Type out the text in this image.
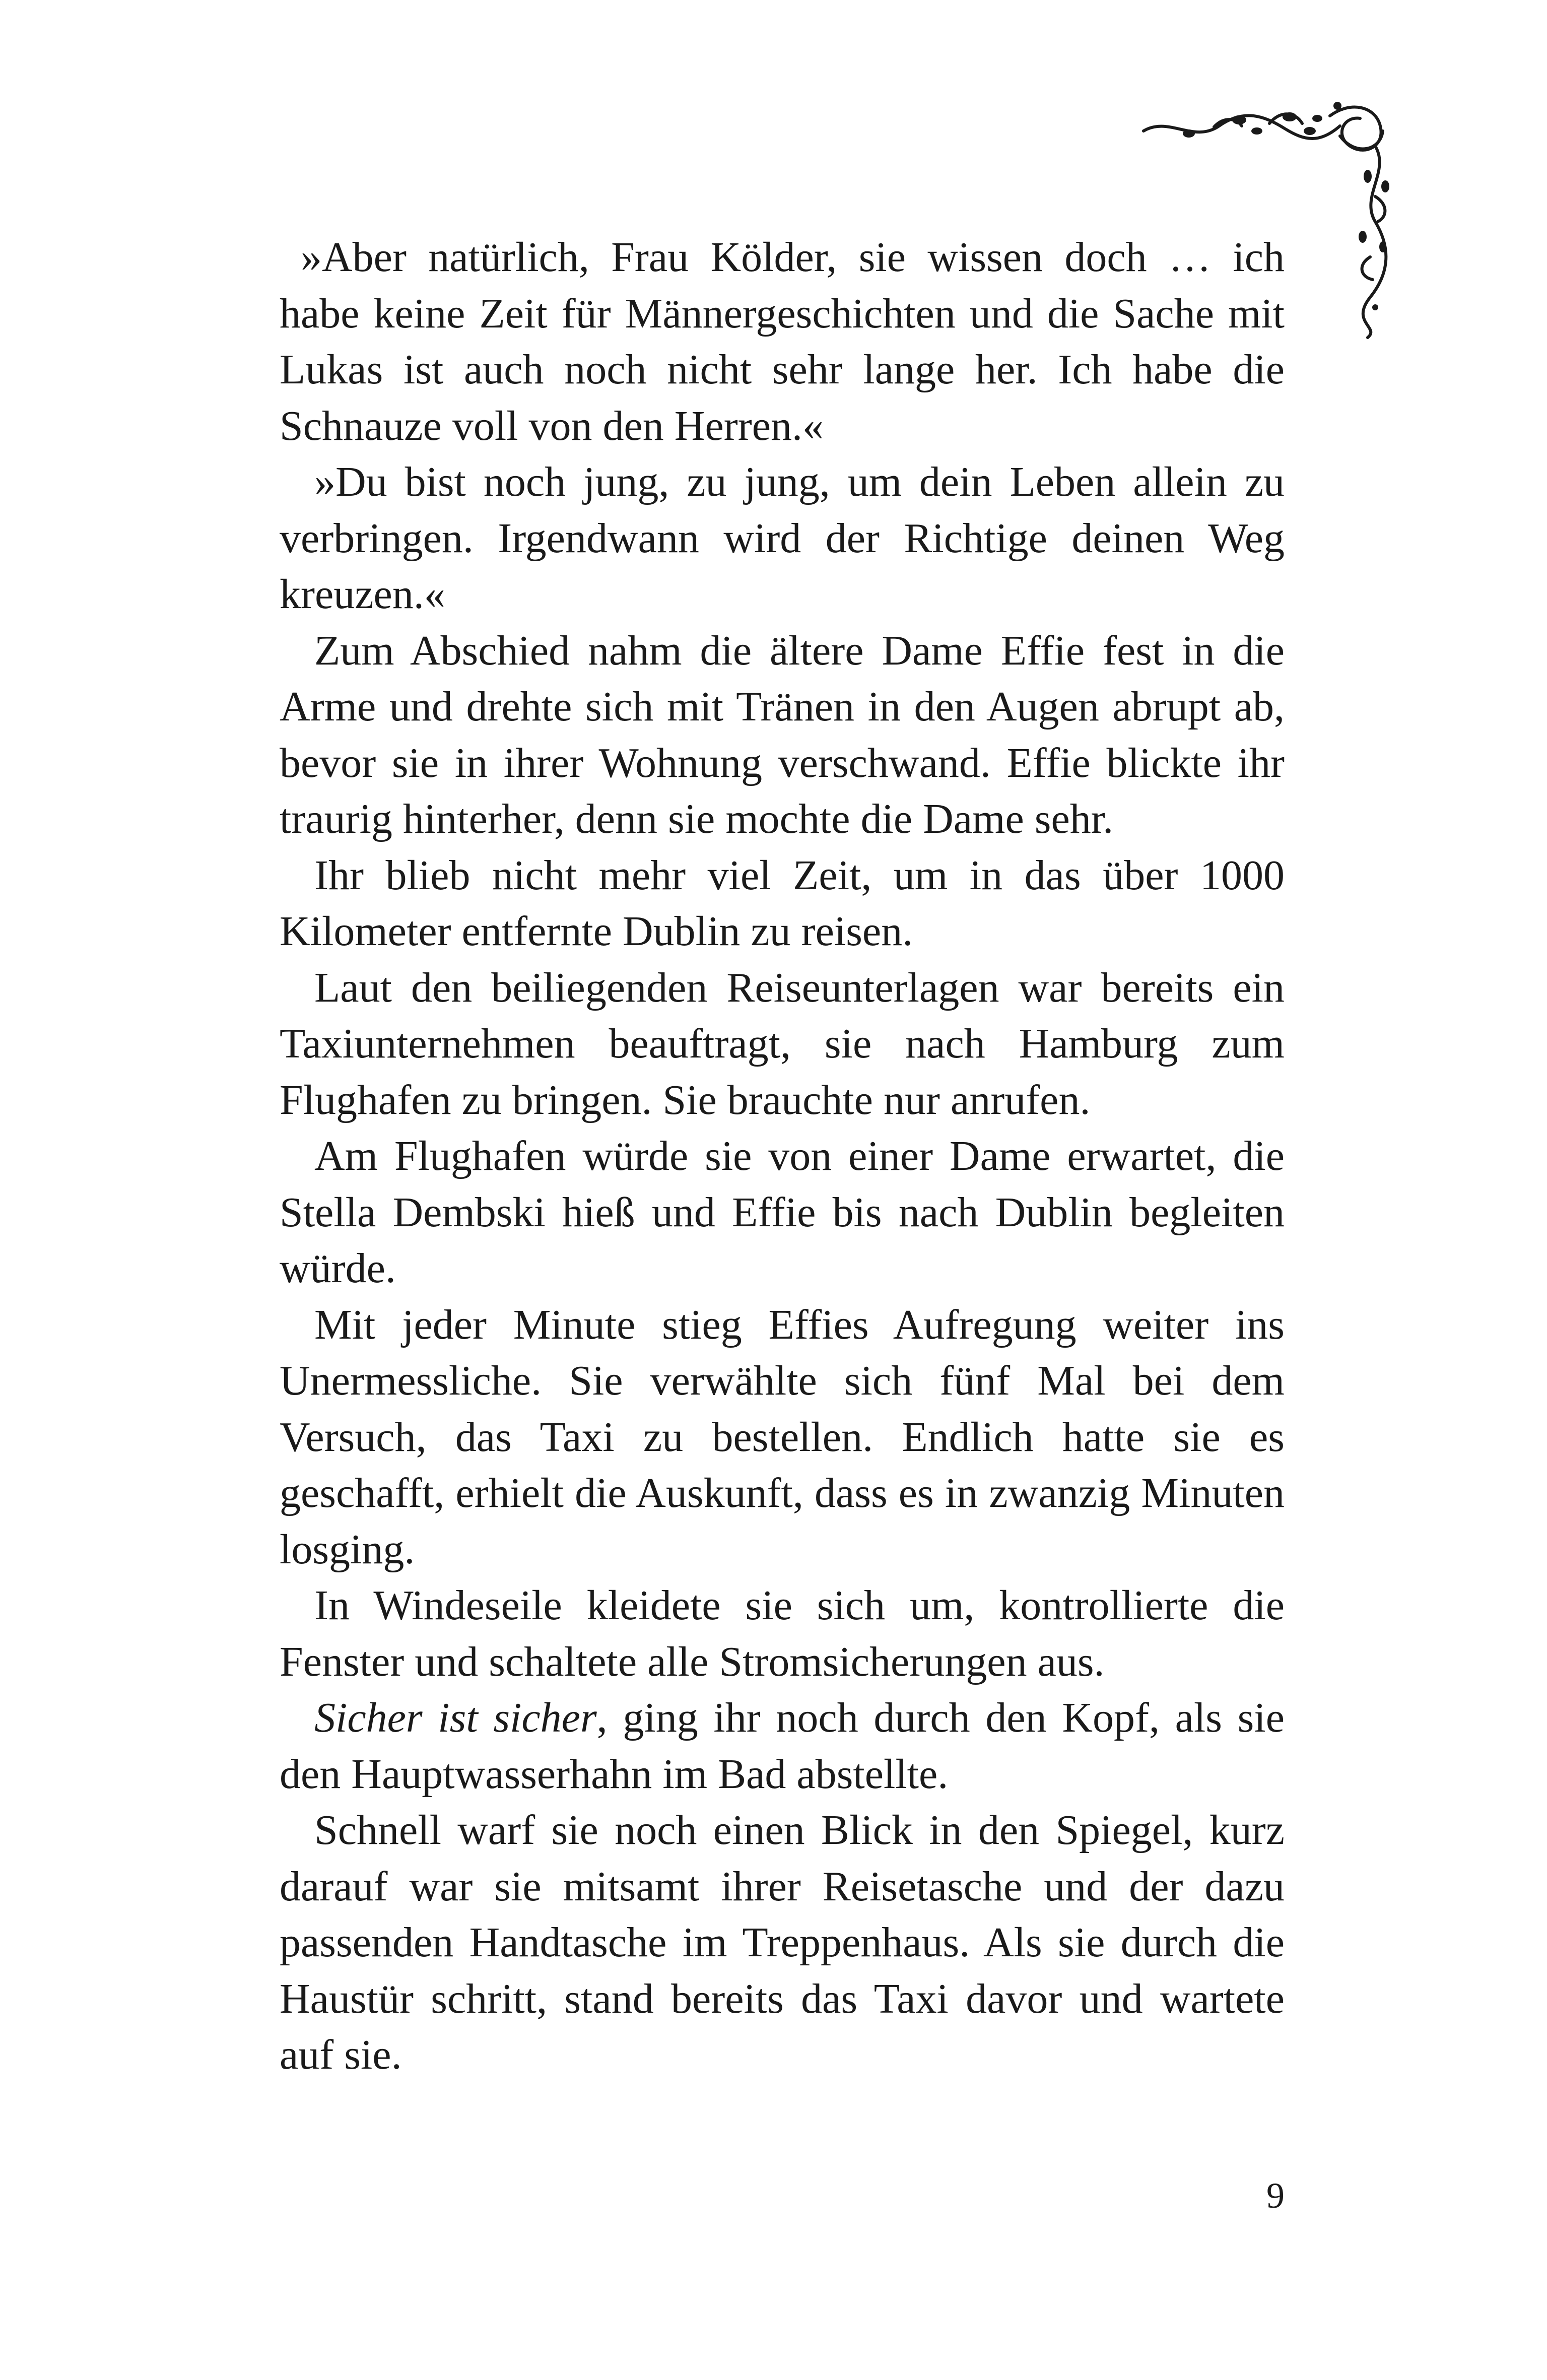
»Aber natürlich, Frau Kölder, sie wissen doch … ich habe keine Zeit für Männergeschichten und die Sache mit Lukas ist auch noch nicht sehr lange her. Ich habe die Schnauze voll von den Herren.«

»Du bist noch jung, zu jung, um dein Leben allein zu verbringen. Irgendwann wird der Richtige deinen Weg kreuzen.«

Zum Abschied nahm die ältere Dame Effie fest in die Arme und drehte sich mit Tränen in den Augen abrupt ab, bevor sie in ihrer Wohnung verschwand. Effie blickte ihr traurig hinterher, denn sie mochte die Dame sehr.

Ihr blieb nicht mehr viel Zeit, um in das über 1000 Kilometer entfernte Dublin zu reisen.

Laut den beiliegenden Reiseunterlagen war bereits ein Taxiunternehmen beauftragt, sie nach Hamburg zum Flughafen zu bringen. Sie brauchte nur anrufen.

Am Flughafen würde sie von einer Dame erwartet, die Stella Dembski hieß und Effie bis nach Dublin begleiten würde.

Mit jeder Minute stieg Effies Aufregung weiter ins Unermessliche. Sie verwählte sich fünf Mal bei dem Versuch, das Taxi zu bestellen. Endlich hatte sie es geschafft, erhielt die Auskunft, dass es in zwanzig Minuten losging.

In Windeseile kleidete sie sich um, kontrollierte die Fenster und schaltete alle Stromsicherungen aus.

Sicher ist sicher, ging ihr noch durch den Kopf, als sie den Hauptwasserhahn im Bad abstellte.

Schnell warf sie noch einen Blick in den Spiegel, kurz darauf war sie mitsamt ihrer Reisetasche und der dazu passenden Handtasche im Treppenhaus. Als sie durch die Haustür schritt, stand bereits das Taxi davor und wartete auf sie.

9
